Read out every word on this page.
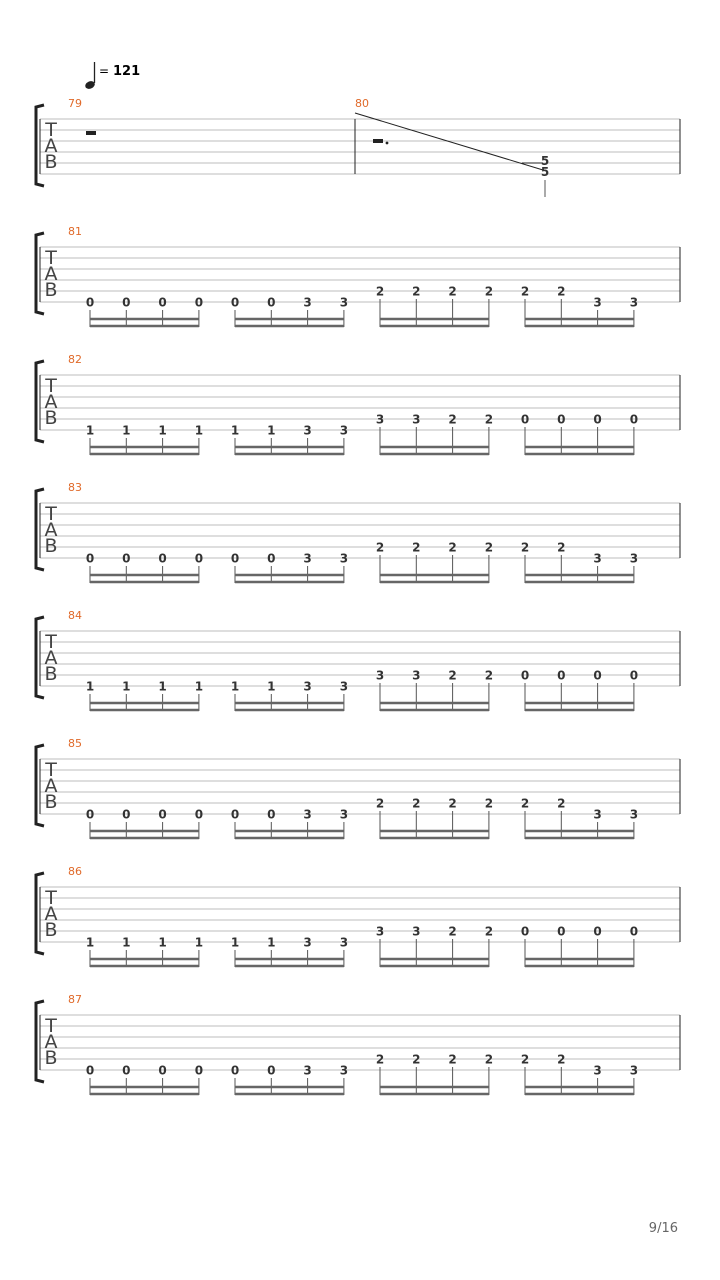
= 121
T
A
B
79	80
5
5
T
A
B
81
0 0 0 0 0 0 3 3
2 2 2 2 2 2
3 3
T
A
B
82
1 1 1 1 1 1 3 3
3 3 2 2 0 0 0 0
T
A
B
83
0 0 0 0 0 0 3 3
2 2 2 2 2 2
3 3
T
A
B
84
1 1 1 1 1 1 3 3
3 3 2 2 0 0 0 0
T
A
B
85
0 0 0 0 0 0 3 3
2 2 2 2 2 2
3 3
T
A
B
86
1 1 1 1 1 1 3 3
3 3 2 2 0 0 0 0
T
A
B
87
0 0 0 0 0 0 3 3
2 2 2 2 2 2
3 3
9/16
